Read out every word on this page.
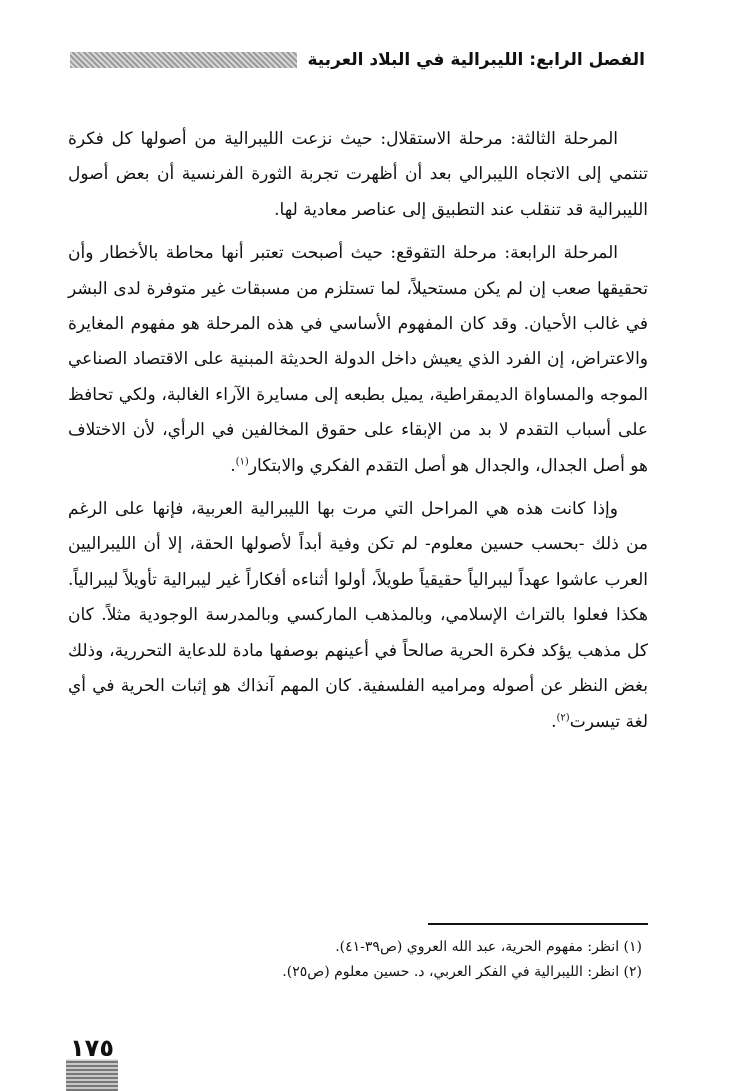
الفصل الرابع: الليبرالية في البلاد العربية

المرحلة الثالثة: مرحلة الاستقلال: حيث نزعت الليبرالية من أصولها كل فكرة تنتمي إلى الاتجاه الليبرالي بعد أن أظهرت تجربة الثورة الفرنسية أن بعض أصول الليبرالية قد تنقلب عند التطبيق إلى عناصر معادية لها.

المرحلة الرابعة: مرحلة التقوقع: حيث أصبحت تعتبر أنها محاطة بالأخطار وأن تحقيقها صعب إن لم يكن مستحيلاً، لما تستلزم من مسبقات غير متوفرة لدى البشر في غالب الأحيان. وقد كان المفهوم الأساسي في هذه المرحلة هو مفهوم المغايرة والاعتراض، إن الفرد الذي يعيش داخل الدولة الحديثة المبنية على الاقتصاد الصناعي الموجه والمساواة الديمقراطية، يميل بطبعه إلى مسايرة الآراء الغالبة، ولكي تحافظ على أسباب التقدم لا بد من الإبقاء على حقوق المخالفين في الرأي، لأن الاختلاف هو أصل الجدال، والجدال هو أصل التقدم الفكري والابتكار$^{(١)}$.

وإذا كانت هذه هي المراحل التي مرت بها الليبرالية العربية، فإنها على الرغم من ذلك -بحسب حسين معلوم- لم تكن وفية أبداً لأصولها الحقة، إلا أن الليبراليين العرب عاشوا عهداً ليبرالياً حقيقياً طويلاً، أولوا أثناءه أفكاراً غير ليبرالية تأويلاً ليبرالياً. هكذا فعلوا بالتراث الإسلامي، وبالمذهب الماركسي وبالمدرسة الوجودية مثلاً. كان كل مذهب يؤكد فكرة الحرية صالحاً في أعينهم بوصفها مادة للدعاية التحررية، وذلك بغض النظر عن أصوله ومراميه الفلسفية. كان المهم آنذاك هو إثبات الحرية في أي لغة تيسرت$^{(٢)}$.

(١) انظر: مفهوم الحرية، عبد الله العروي (ص٣٩-٤١).
(٢) انظر: الليبرالية في الفكر العربي، د. حسين معلوم (ص٢٥).
١٧٥
